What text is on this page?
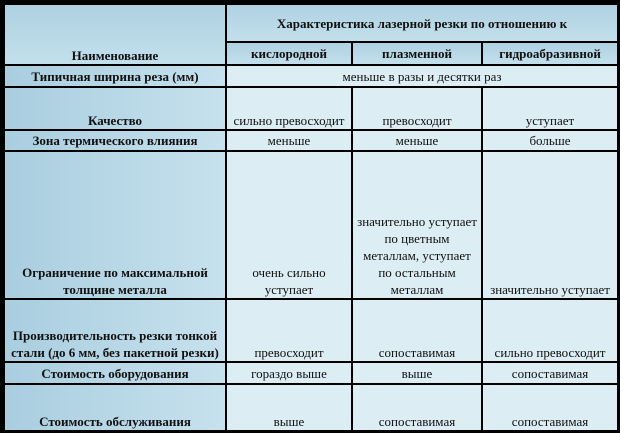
Наименование	Характеристика лазерной резки по отношению к		
	кислородной	плазменной	гидроабразивной
Типичная ширина реза (мм)	меньше в разы и десятки раз		
Качество	сильно превосходит	превосходит	уступает
Зона термического влияния	меньше	меньше	больше
Ограничение по максимальной толщине металла	очень сильно уступает	значительно уступает по цветным металлам, уступает по остальным металлам	значительно уступает
Производительность резки тонкой стали (до 6 мм, без пакетной резки)	превосходит	сопоставимая	сильно превосходит
Стоимость оборудования	гораздо выше	выше	сопоставимая
Стоимость обслуживания	выше	сопоставимая	сопоставимая
